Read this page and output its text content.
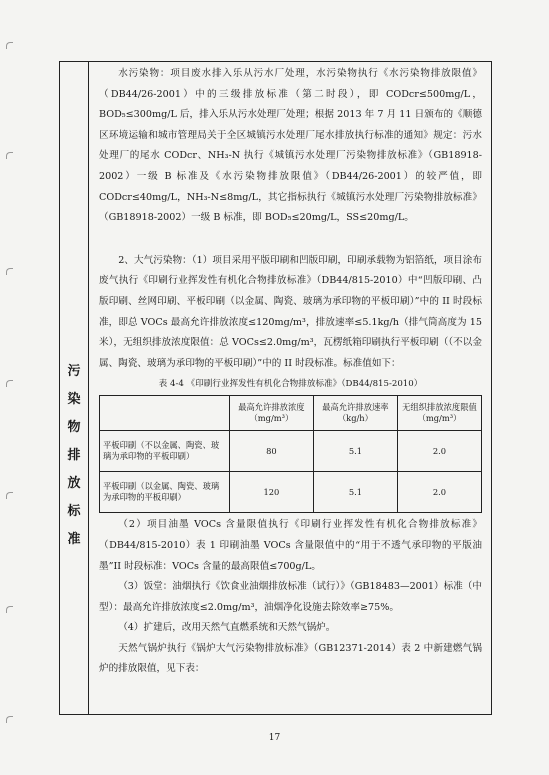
污
染
物
排
放
标
准

水污染物：项目废水排入乐从污水厂处理，水污染物执行《水污染物排放限值》（DB44/26-2001）中的三级排放标准（第二时段），即 CODcr≤500mg/L，BOD₅≤300mg/L 后，排入乐从污水处理厂处理；根据 2013 年 7 月 11 日颁布的《顺德区环境运输和城市管理局关于全区城镇污水处理厂尾水排放执行标准的通知》规定：污水处理厂的尾水 CODcr、NH₃-N 执行《城镇污水处理厂污染物排放标准》（GB18918-2002）一级 B 标准及《水污染物排放限值》（DB44/26-2001）的较严值，即 CODcr≤40mg/L，NH₃-N≤8mg/L，其它指标执行《城镇污水处理厂污染物排放标准》（GB18918-2002）一级 B 标准，即 BOD₅≤20mg/L，SS≤20mg/L。

2、大气污染物：（1）项目采用平版印刷和凹版印刷，印刷承载物为铝箔纸，项目涂布废气执行《印刷行业挥发性有机化合物排放标准》（DB44/815-2010）中“凹版印刷、凸版印刷、丝网印刷、平板印刷（以金属、陶瓷、玻璃为承印物的平板印刷）”中的 II 时段标准，即总 VOCs 最高允许排放浓度≤120mg/m³，排放速率≤5.1kg/h（排气筒高度为 15 米），无组织排放浓度限值：总 VOCs≤2.0mg/m³，瓦楞纸箱印刷执行平板印刷（（不以金属、陶瓷、玻璃为承印物的平板印刷）”中的 II 时段标准。标准值如下：

表 4-4 《印刷行业挥发性有机化合物排放标准》（DB44/815-2010）
	最高允许排放浓度（mg/m³）	最高允许排放速率（kg/h）	无组织排放浓度限值（mg/m³）
平板印刷（不以金属、陶瓷、玻璃为承印物的平板印刷）	80	5.1	2.0
平板印刷（以金属、陶瓷、玻璃为承印物的平板印刷）	120	5.1	2.0

（2）项目油墨 VOCs 含量限值执行《印刷行业挥发性有机化合物排放标准》（DB44/815-2010）表 1 印刷油墨 VOCs 含量限值中的“用于不透气承印物的平版油墨”II 时段标准：VOCs 含量的最高限值≤700g/L。

（3）饭堂：油烟执行《饮食业油烟排放标准（试行）》（GB18483—2001）标准（中型）：最高允许排放浓度≤2.0mg/m³，油烟净化设施去除效率≥75%。

（4）扩建后，改用天然气直燃系统和天然气锅炉。

天然气锅炉执行《锅炉大气污染物排放标准》（GB12371-2014）表 2 中新建燃气锅炉的排放限值，见下表：

17
